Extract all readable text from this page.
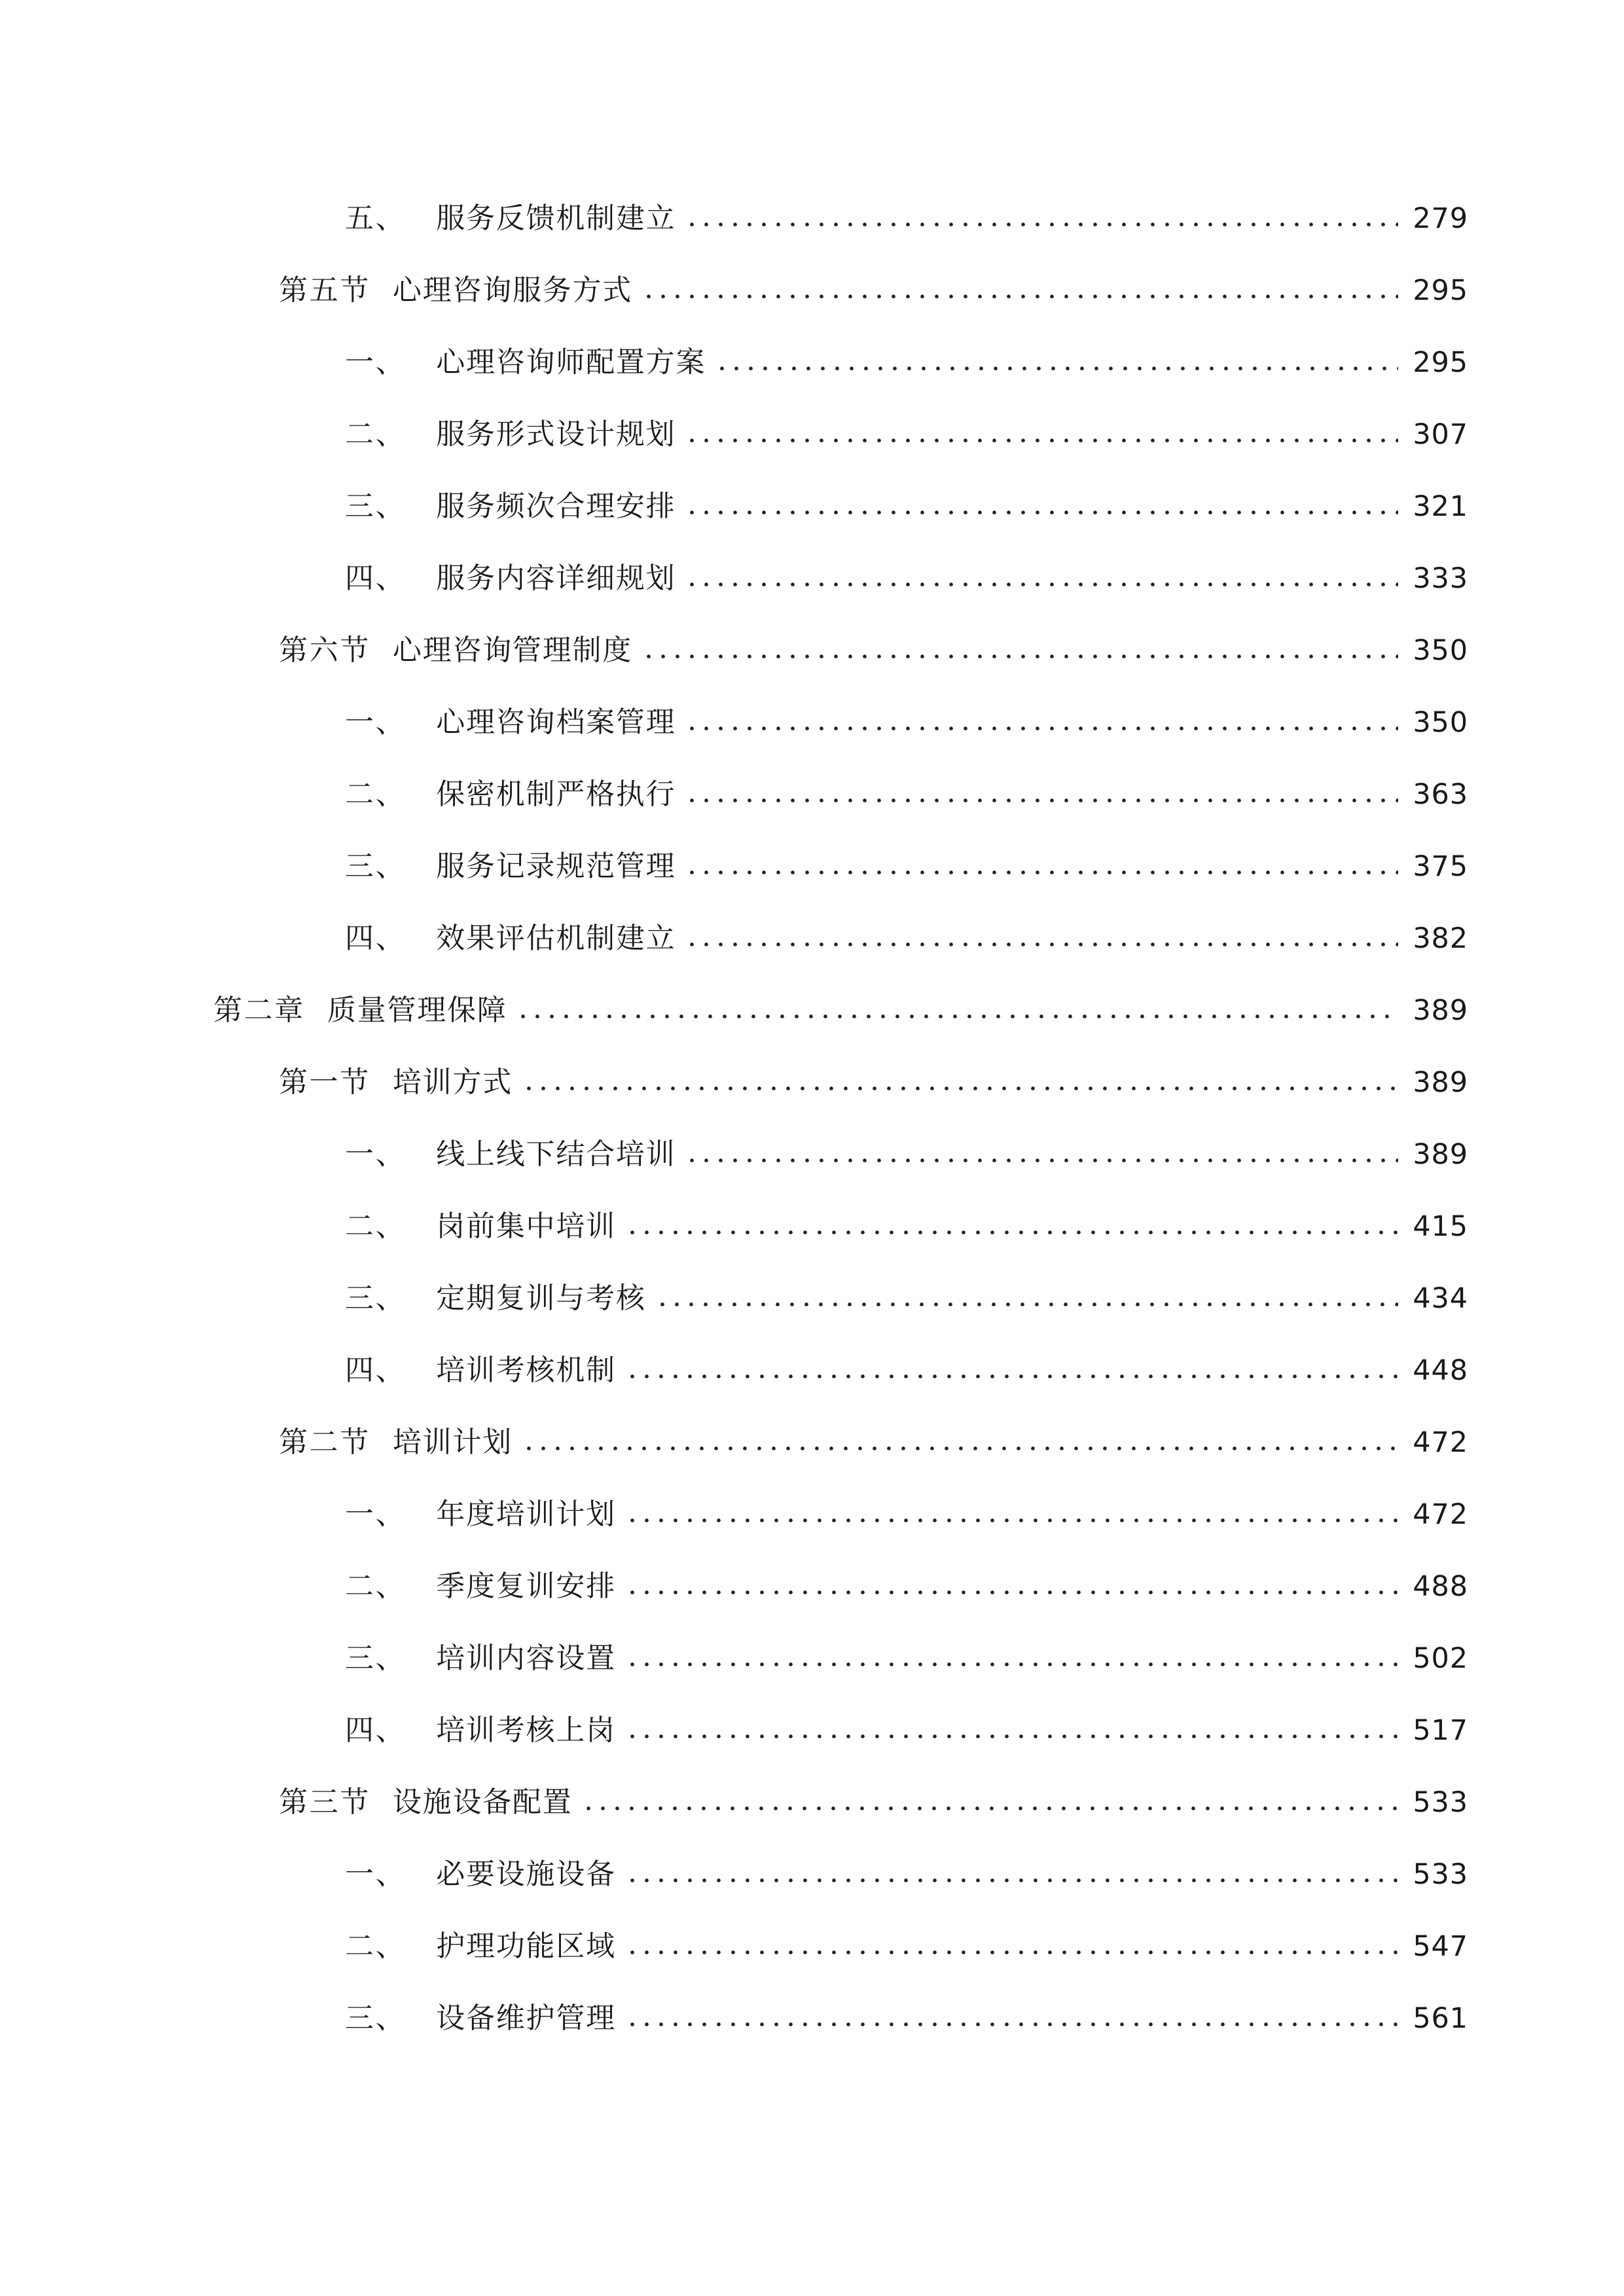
五、 服务反馈机制建立	279
第五节 心理咨询服务方式	295
一、 心理咨询师配置方案	295
二、 服务形式设计规划	307
三、 服务频次合理安排	321
四、 服务内容详细规划	333
第六节 心理咨询管理制度	350
一、 心理咨询档案管理	350
二、 保密机制严格执行	363
三、 服务记录规范管理	375
四、 效果评估机制建立	382
第二章 质量管理保障	389
第一节 培训方式	389
一、 线上线下结合培训	389
二、 岗前集中培训	415
三、 定期复训与考核	434
四、 培训考核机制	448
第二节 培训计划	472
一、 年度培训计划	472
二、 季度复训安排	488
三、 培训内容设置	502
四、 培训考核上岗	517
第三节 设施设备配置	533
一、 必要设施设备	533
二、 护理功能区域	547
三、 设备维护管理	561
